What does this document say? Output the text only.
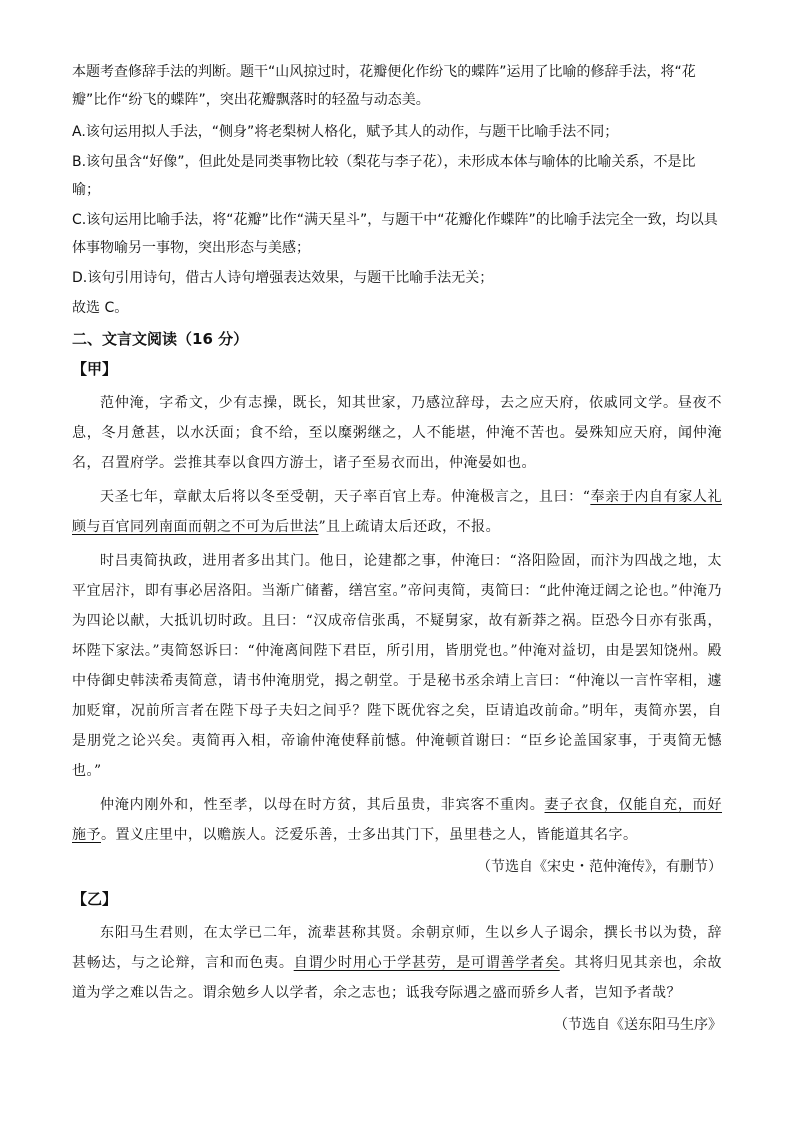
本题考查修辞手法的判断。题干“山风掠过时，花瓣便化作纷飞的蝶阵”运用了比喻的修辞手法，将“花瓣”比作“纷飞的蝶阵”，突出花瓣飘落时的轻盈与动态美。

A.该句运用拟人手法，“侧身”将老梨树人格化，赋予其人的动作，与题干比喻手法不同；

B.该句虽含“好像”，但此处是同类事物比较（梨花与李子花），未形成本体与喻体的比喻关系，不是比喻；

C.该句运用比喻手法，将“花瓣”比作“满天星斗”，与题干中“花瓣化作蝶阵”的比喻手法完全一致，均以具体事物喻另一事物，突出形态与美感；

D.该句引用诗句，借古人诗句增强表达效果，与题干比喻手法无关；

故选 C。

二、文言文阅读（16 分）
【甲】

范仲淹，字希文，少有志操，既长，知其世家，乃感泣辞母，去之应天府，依戚同文学。昼夜不息，冬月惫甚，以水沃面；食不给，至以糜粥继之，人不能堪，仲淹不苦也。晏殊知应天府，闻仲淹名，召置府学。尝推其奉以食四方游士，诸子至易衣而出，仲淹晏如也。

天圣七年，章献太后将以冬至受朝，天子率百官上寿。仲淹极言之，且曰：“奉亲于内自有家人礼顾与百官同列南面而朝之不可为后世法”且上疏请太后还政，不报。

时吕夷简执政，进用者多出其门。他日，论建都之事，仲淹曰：“洛阳险固，而汴为四战之地，太平宜居汴，即有事必居洛阳。当渐广储蓄，缮宫室。”帝问夷简，夷简曰：“此仲淹迂阔之论也。”仲淹乃为四论以献，大抵讥切时政。且曰：“汉成帝信张禹，不疑舅家，故有新莽之祸。臣恐今日亦有张禹，坏陛下家法。”夷简怒诉曰：“仲淹离间陛下君臣，所引用，皆朋党也。”仲淹对益切，由是罢知饶州。殿中侍御史韩渎希夷简意，请书仲淹朋党，揭之朝堂。于是秘书丞余靖上言曰：“仲淹以一言忤宰相，遽加贬窜，况前所言者在陛下母子夫妇之间乎？陛下既优容之矣，臣请追改前命。”明年，夷简亦罢，自是朋党之论兴矣。夷简再入相，帝谕仲淹使释前憾。仲淹顿首谢曰：“臣乡论盖国家事，于夷简无憾也。”

仲淹内刚外和，性至孝，以母在时方贫，其后虽贵，非宾客不重肉。妻子衣食，仅能自充，而好施予。置义庄里中，以赡族人。泛爱乐善，士多出其门下，虽里巷之人，皆能道其名字。

（节选自《宋史・范仲淹传》，有删节）
【乙】

东阳马生君则，在太学已二年，流辈甚称其贤。余朝京师，生以乡人子谒余，撰长书以为贽，辞甚畅达，与之论辩，言和而色夷。自谓少时用心于学甚劳，是可谓善学者矣。其将归见其亲也，余故道为学之难以告之。谓余勉乡人以学者，余之志也；诋我夸际遇之盛而骄乡人者，岂知予者哉？

（节选自《送东阳马生序》
